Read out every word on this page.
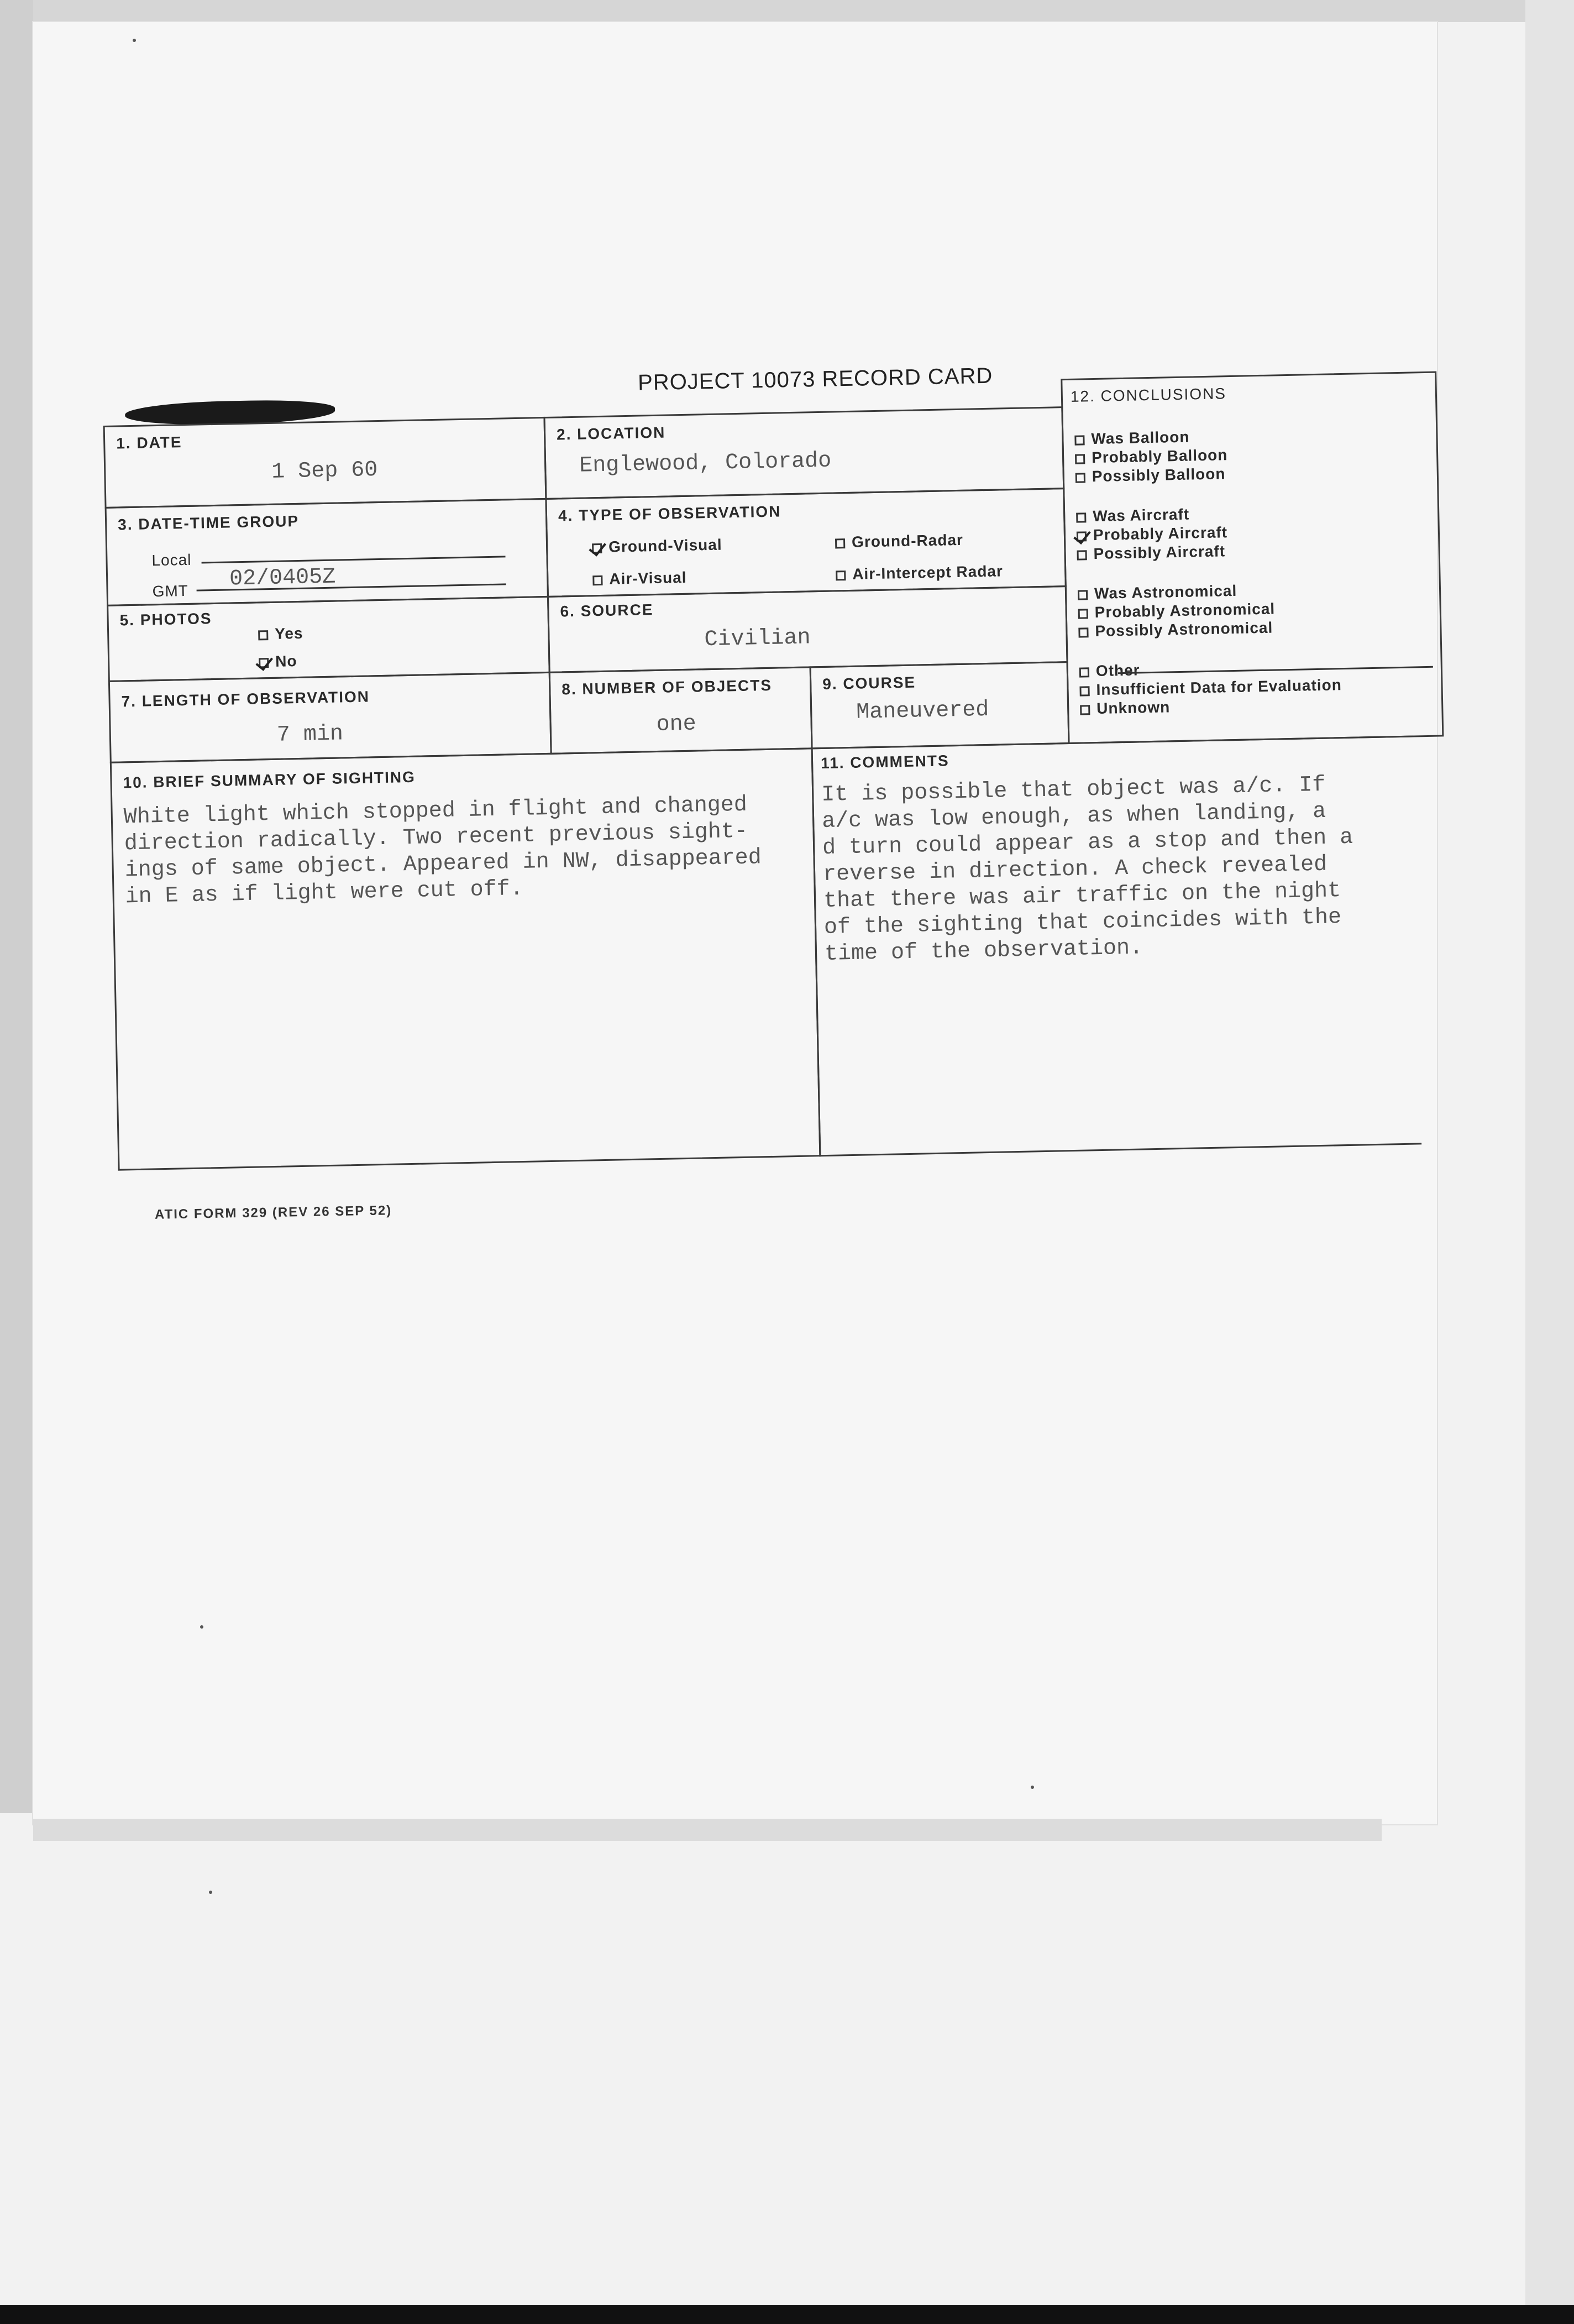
PROJECT 10073 RECORD CARD
1. DATE
1 Sep 60
2. LOCATION
Englewood, Colorado
3. DATE-TIME GROUP
Local
GMT 02/0405Z
4. TYPE OF OBSERVATION
Ground-Visual	Ground-Radar
Air-Visual	Air-Intercept Radar
5. PHOTOS
Yes
No
6. SOURCE
Civilian
7. LENGTH OF OBSERVATION
7 min
8. NUMBER OF OBJECTS
one
9. COURSE
Maneuvered
10. BRIEF SUMMARY OF SIGHTING
White light which stopped in flight and changed
direction radically. Two recent previous sight-
ings of same object. Appeared in NW, disappeared
in E as if light were cut off.
11. COMMENTS
It is possible that object was a/c. If
a/c was low enough, as when landing, a
d turn could appear as a stop and then a
reverse in direction. A check revealed
that there was air traffic on the night
of the sighting that coincides with the
time of the observation.
12. CONCLUSIONS
Was Balloon
Probably Balloon
Possibly Balloon
Was Aircraft
Probably Aircraft
Possibly Aircraft
Was Astronomical
Probably Astronomical
Possibly Astronomical
Other
Insufficient Data for Evaluation
Unknown
ATIC FORM 329 (REV 26 SEP 52)
